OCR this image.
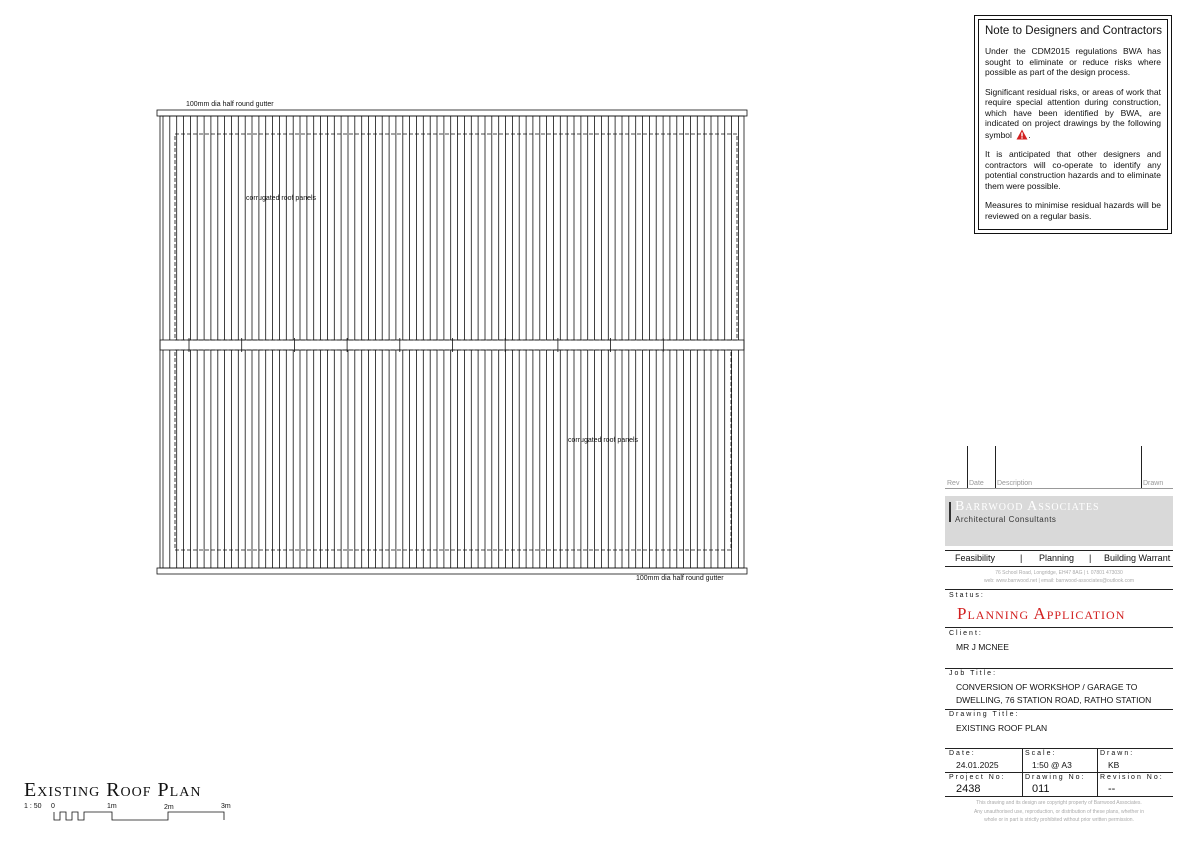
100mm dia half round gutter
corrugated roof panels
corrugated roof panels
100mm dia half round gutter
Existing Roof Plan
1 : 50 0	1m	2m	3m
Note to Designers and Contractors

Under the CDM2015 regulations BWA has sought to eliminate or reduce risks where possible as part of the design process.

Significant residual risks, or areas of work that require special attention during construction, which have been identified by BWA, are indicated on project drawings by the following symbol .

It is anticipated that other designers and contractors will co-operate to identify any potential construction hazards and to eliminate them were possible.

Measures to minimise residual hazards will be reviewed on a regular basis.

Rev Date Description	Drawn
Barrwood Associates
Architectural Consultants
Feasibility	| Planning | Building Warrant
76 School Road, Longridge, EH47 8AG | t. 07801 473030
web: www.barrwood.net | email: barrwood-associates@outlook.com
Status:
Planning Application
Client:
MR J MCNEE
Job Title:
CONVERSION OF WORKSHOP / GARAGE TO
DWELLING, 76 STATION ROAD, RATHO STATION
Drawing Title:
EXISTING ROOF PLAN
Date:
24.01.2025
Scale:
1:50 @ A3
Drawn:
KB
Project No:
2438
Drawing No:
011
Revision No:
--
This drawing and its design are copyright property of Barrwood Associates.
Any unauthorised use, reproduction, or distribution of these plans, whether in
whole or in part is strictly prohibited without prior written permission.
